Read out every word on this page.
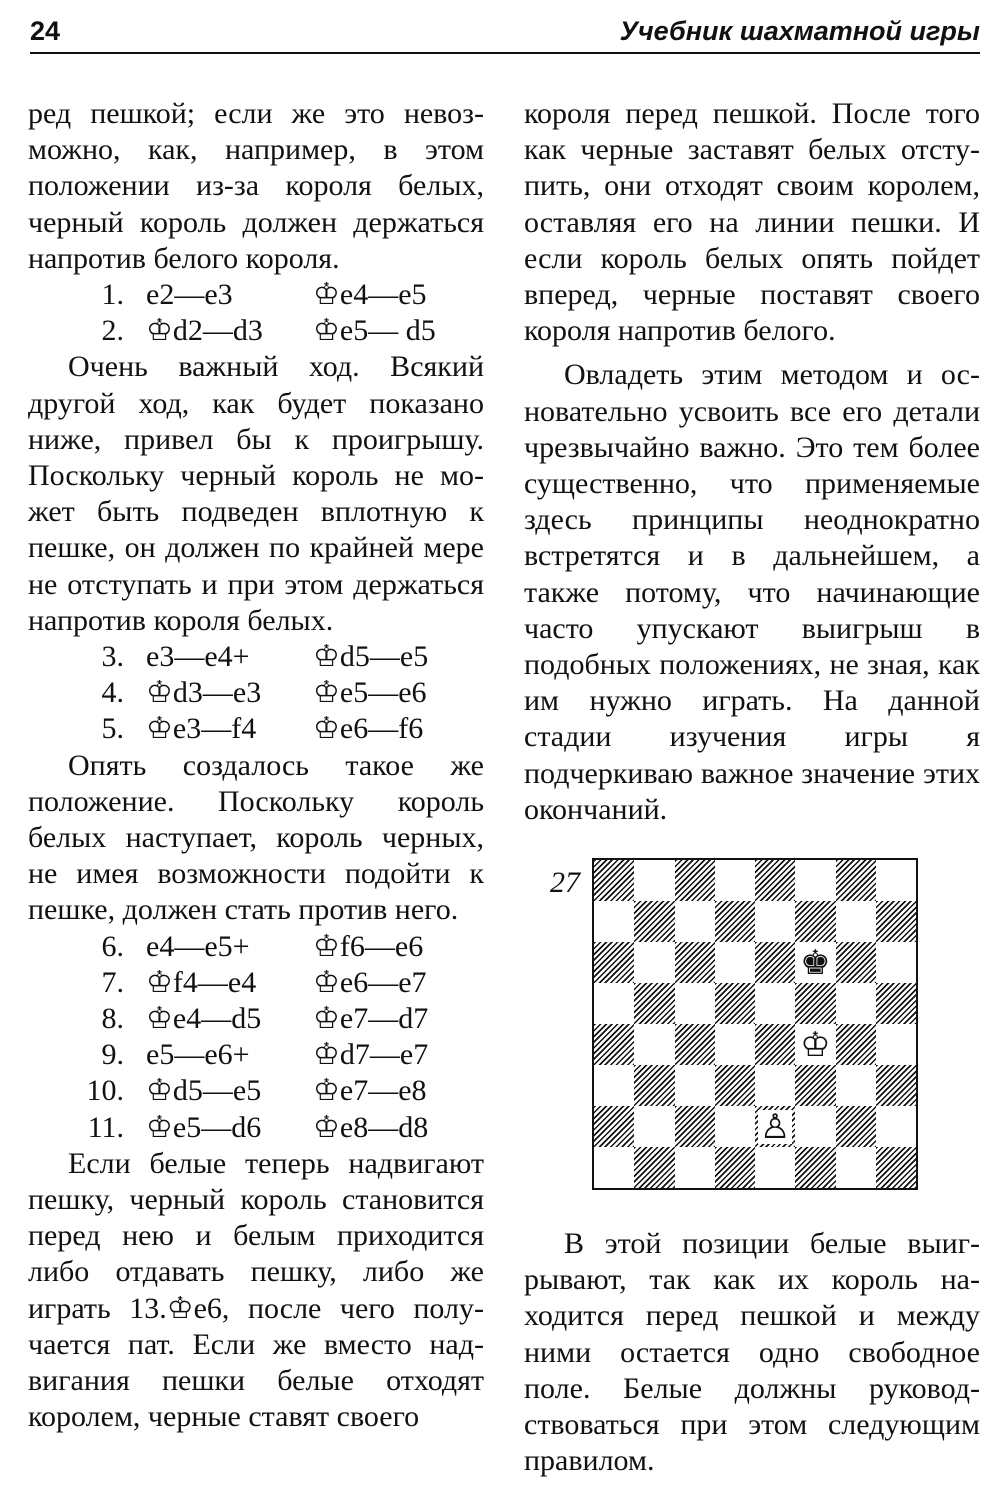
24	Учебник шахматной игры

ред пешкой; если же это невозможно, как, например, в этом положении из-за короля белых, черный король должен держаться напротив белого короля.

1. e2—e3	♔e4—e5
2. ♔d2—d3 ♔e5— d5

Очень важный ход. Всякий другой ход, как будет показано ниже, привел бы к проигрышу. Поскольку черный король не может быть подведен вплотную к пешке, он должен по крайней мере не отступать и при этом держаться напротив короля белых.

3. e3—e4+ ♔d5—e5
4. ♔d3—e3 ♔e5—e6
5. ♔e3—f4 ♔e6—f6

Опять создалось такое же положение. Поскольку король белых наступает, король черных, не имея возможности подойти к пешке, должен стать против него.

6. e4—e5+ ♔f6—e6
7. ♔f4—e4 ♔e6—e7
8. ♔e4—d5 ♔e7—d7
9. e5—e6+ ♔d7—e7
10. ♔d5—e5 ♔e7—e8
11. ♔e5—d6 ♔e8—d8

Если белые теперь надвигают пешку, черный король становится перед нею и белым приходится либо отдавать пешку, либо же играть 13.♔e6, после чего получается пат. Если же вместо надвигания пешки белые отходят королем, черные ставят своего

короля перед пешкой. После того как черные заставят белых отступить, они отходят своим королем, оставляя его на линии пешки. И если король белых опять пойдет вперед, черные поставят своего короля напротив белого.

Овладеть этим методом и основательно усвоить все его детали чрезвычайно важно. Это тем более существенно, что применяемые здесь принципы неоднократно встретятся и в дальнейшем, а также потому, что начинающие часто упускают выигрыш в подобных положениях, не зная, как им нужно играть. На данной стадии изучения игры я подчеркиваю важное значение этих окончаний.

В этой позиции белые выигрывают, так как их король находится перед пешкой и между ними остается одно свободное поле. Белые должны руководствоваться при этом следующим правилом.

27
♚
♔
♙
